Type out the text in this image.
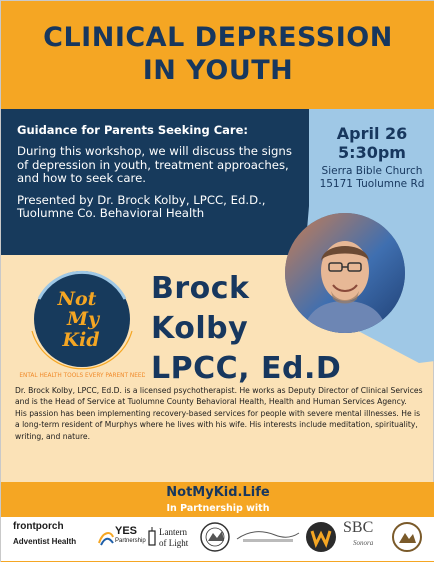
CLINICAL DEPRESSION
IN YOUTH
April 26
5:30pm
Sierra Bible Church
15171 Tuolumne Rd
Guidance for Parents Seeking Care:

During this workshop, we will discuss the signs of depression in youth, treatment approaches, and how to seek care.

Presented by Dr. Brock Kolby, LPCC, Ed.D., Tuolumne Co. Behavioral Health

MENTAL HEALTH TOOLS EVERY PARENT NEEDS
Not
My
Kid
Brock
Kolby
LPCC, Ed.D

Dr. Brock Kolby, LPCC, Ed.D. is a licensed psychotherapist. He works as Deputy Director of Clinical Services and is the Head of Service at Tuolumne County Behavioral Health, Health and Human Services Agency.

His passion has been implementing recovery-based services for people with severe mental illnesses. He is a long-term resident of Murphys where he lives with his wife. His interests include meditation, spirituality, writing, and nature.

NotMyKid.Life
In Partnership with
frontporch
Adventist Health
YES
Partnership
Lantern
of Light
SBC
Sonora
